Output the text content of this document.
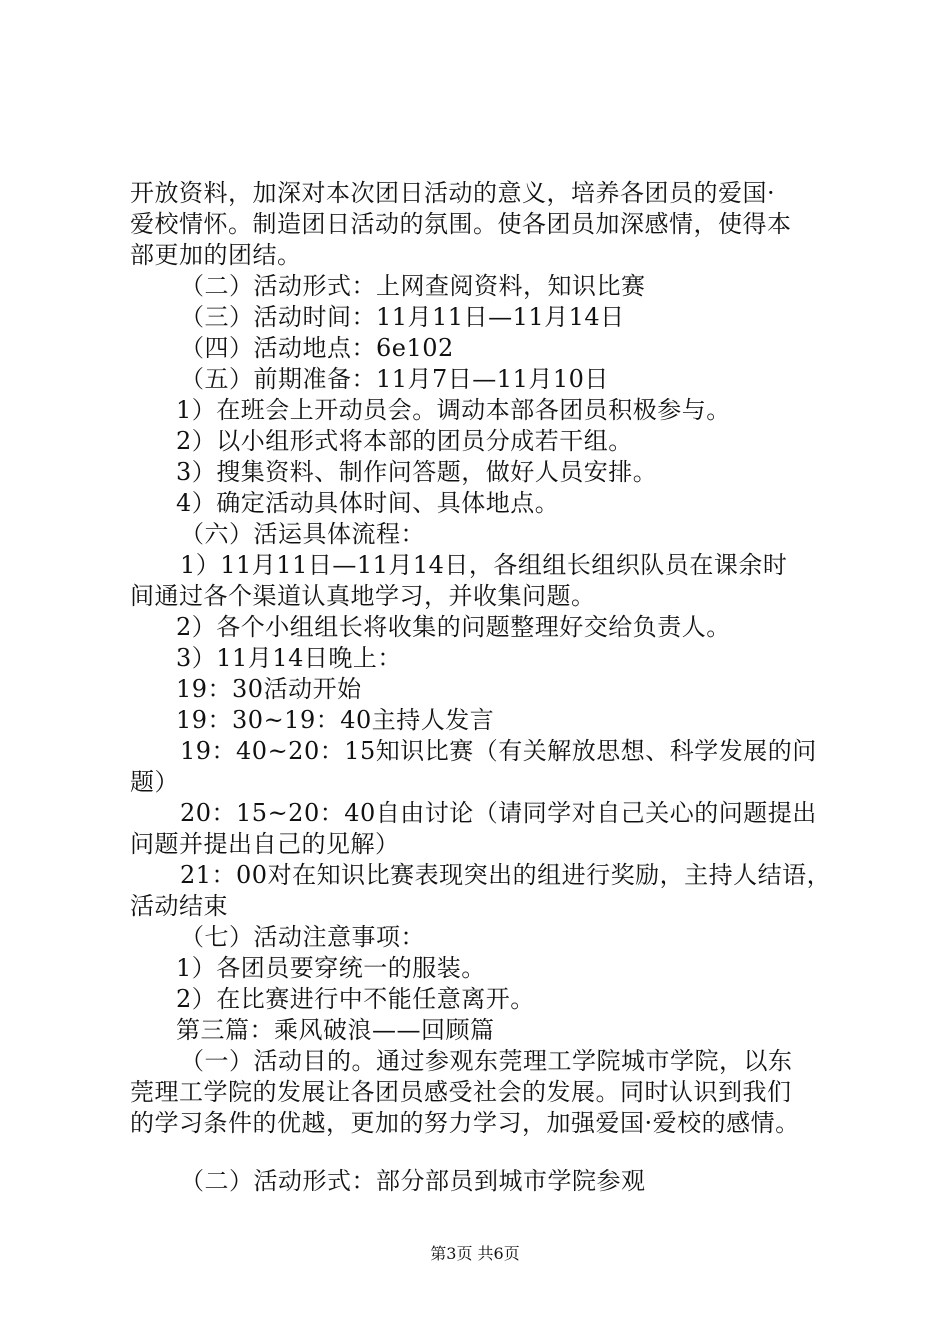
开放资料，加深对本次团日活动的意义，培养各团员的爱国·
爱校情怀。制造团日活动的氛围。使各团员加深感情，使得本
部更加的团结。
（二）活动形式：上网查阅资料，知识比赛
（三）活动时间：11月11日—11月14日
（四）活动地点：6e102
（五）前期准备：11月7日—11月10日
1）在班会上开动员会。调动本部各团员积极参与。
2）以小组形式将本部的团员分成若干组。
3）搜集资料、制作问答题，做好人员安排。
4）确定活动具体时间、具体地点。
（六）活运具体流程：
1）11月11日—11月14日，各组组长组织队员在课余时
间通过各个渠道认真地学习，并收集问题。
2）各个小组组长将收集的问题整理好交给负责人。
3）11月14日晚上：
19：30活动开始
19：30~19：40主持人发言
19：40~20：15知识比赛（有关解放思想、科学发展的问
题）
20：15~20：40自由讨论（请同学对自己关心的问题提出
问题并提出自己的见解）
21：00对在知识比赛表现突出的组进行奖励，主持人结语，
活动结束
（七）活动注意事项：
1）各团员要穿统一的服装。
2）在比赛进行中不能任意离开。
第三篇：乘风破浪——回顾篇
（一）活动目的。通过参观东莞理工学院城市学院，以东
莞理工学院的发展让各团员感受社会的发展。同时认识到我们
的学习条件的优越，更加的努力学习，加强爱国·爱校的感情。
（二）活动形式：部分部员到城市学院参观
第3页 共6页
